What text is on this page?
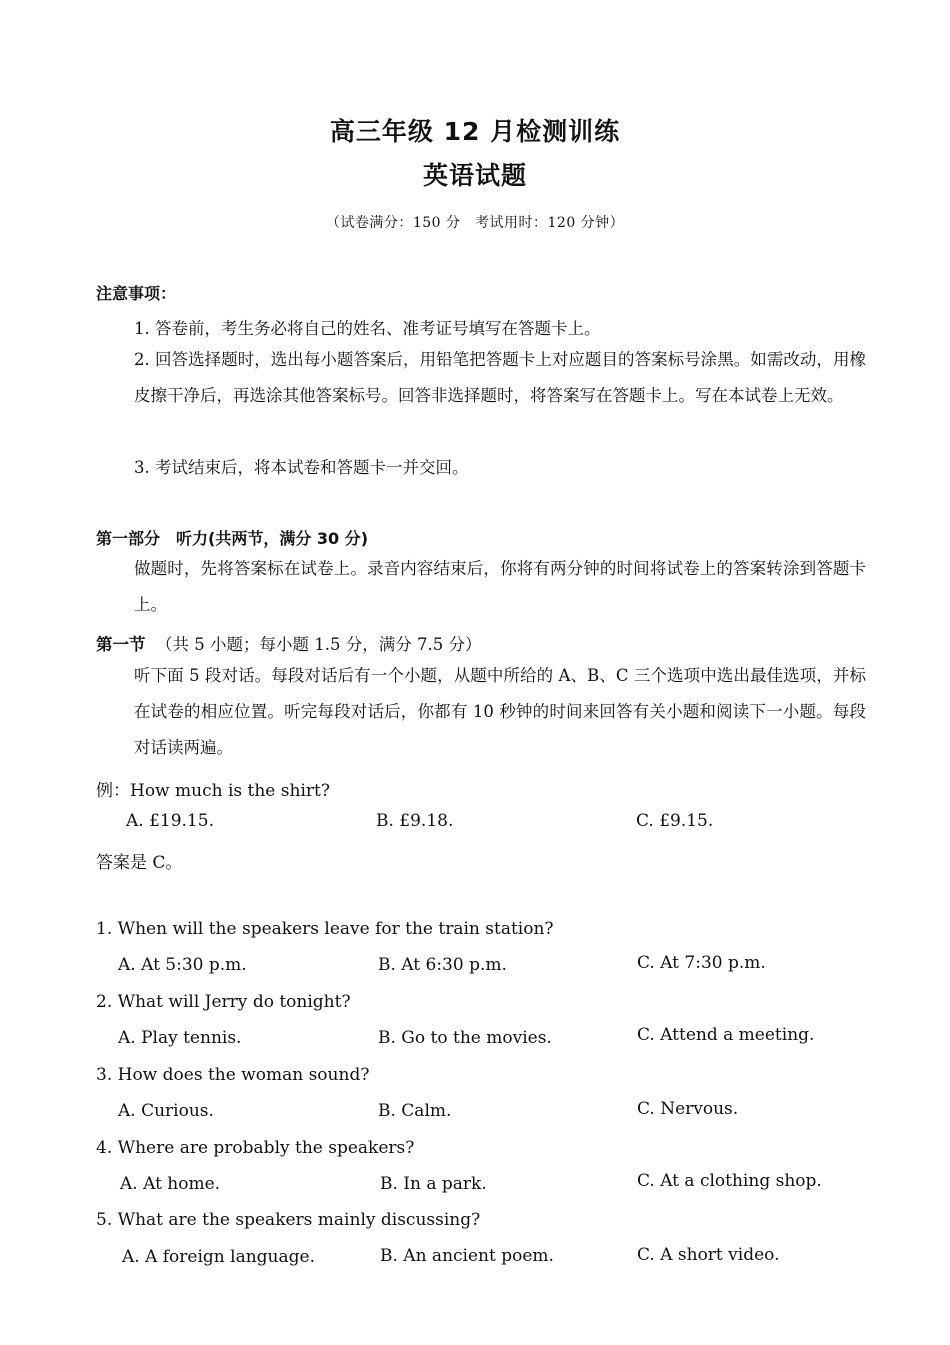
高三年级 12 月检测训练
英语试题
（试卷满分：150 分　考试用时：120 分钟）
注意事项：
1. 答卷前，考生务必将自己的姓名、准考证号填写在答题卡上。
2. 回答选择题时，选出每小题答案后，用铅笔把答题卡上对应题目的答案标号涂黑。如需改动，用橡皮擦干净后，再选涂其他答案标号。回答非选择题时，将答案写在答题卡上。写在本试卷上无效。
3. 考试结束后，将本试卷和答题卡一并交回。
第一部分　听力(共两节，满分 30 分)
做题时，先将答案标在试卷上。录音内容结束后，你将有两分钟的时间将试卷上的答案转涂到答题卡上。
第一节 （共 5 小题；每小题 1.5 分，满分 7.5 分）
听下面 5 段对话。每段对话后有一个小题，从题中所给的 A、B、C 三个选项中选出最佳选项，并标在试卷的相应位置。听完每段对话后，你都有 10 秒钟的时间来回答有关小题和阅读下一小题。每段对话读两遍。
例：How much is the shirt?
A. £19.15.	B. £9.18.	C. £9.15.
答案是 C。
1. When will the speakers leave for the train station?
A. At 5:30 p.m.	B. At 6:30 p.m.	C. At 7:30 p.m.
2. What will Jerry do tonight?
A. Play tennis.	B. Go to the movies.	C. Attend a meeting.
3. How does the woman sound?
A. Curious.	B. Calm.	C. Nervous.
4. Where are probably the speakers?
A. At home.	B. In a park.	C. At a clothing shop.
5. What are the speakers mainly discussing?
A. A foreign language.	B. An ancient poem.	C. A short video.
